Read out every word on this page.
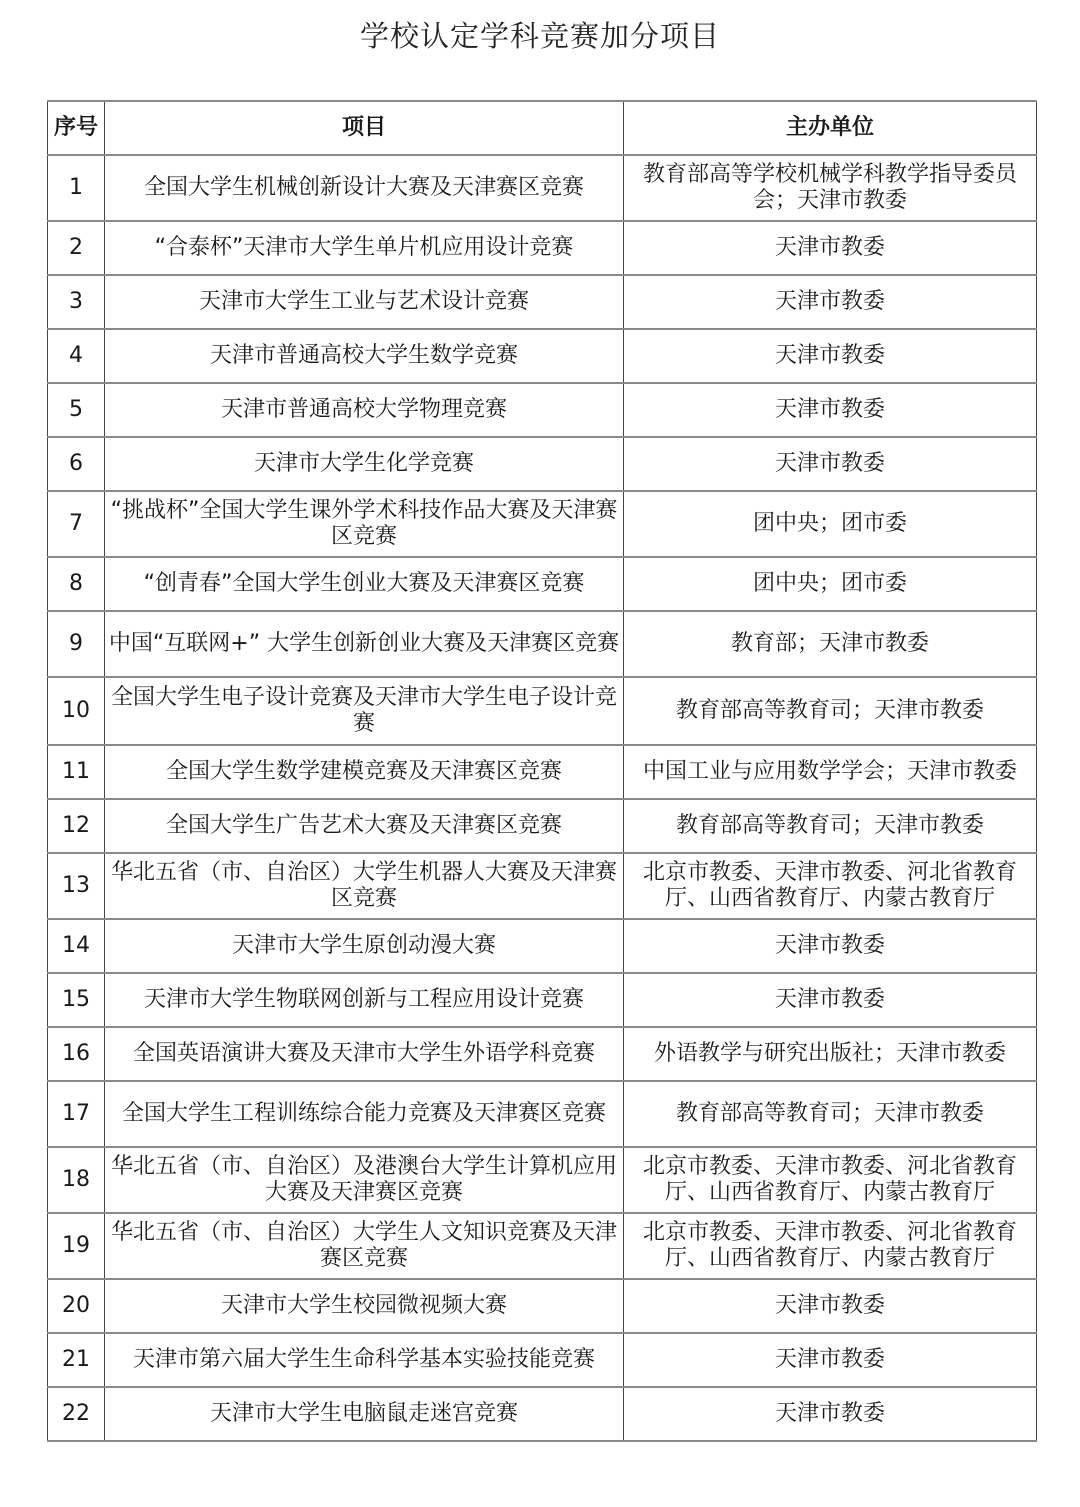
学校认定学科竞赛加分项目
序号	项目	主办单位
1	全国大学生机械创新设计大赛及天津赛区竞赛	教育部高等学校机械学科教学指导委员会；天津市教委
2	“合泰杯”天津市大学生单片机应用设计竞赛	天津市教委
3	天津市大学生工业与艺术设计竞赛	天津市教委
4	天津市普通高校大学生数学竞赛	天津市教委
5	天津市普通高校大学物理竞赛	天津市教委
6	天津市大学生化学竞赛	天津市教委
7	“挑战杯”全国大学生课外学术科技作品大赛及天津赛区竞赛	团中央；团市委
8	“创青春”全国大学生创业大赛及天津赛区竞赛	团中央；团市委
9	中国“互联网+” 大学生创新创业大赛及天津赛区竞赛	教育部；天津市教委
10	全国大学生电子设计竞赛及天津市大学生电子设计竞赛	教育部高等教育司；天津市教委
11	全国大学生数学建模竞赛及天津赛区竞赛	中国工业与应用数学学会；天津市教委
12	全国大学生广告艺术大赛及天津赛区竞赛	教育部高等教育司；天津市教委
13	华北五省（市、自治区）大学生机器人大赛及天津赛区竞赛	北京市教委、天津市教委、河北省教育厅、山西省教育厅、内蒙古教育厅
14	天津市大学生原创动漫大赛	天津市教委
15	天津市大学生物联网创新与工程应用设计竞赛	天津市教委
16	全国英语演讲大赛及天津市大学生外语学科竞赛	外语教学与研究出版社；天津市教委
17	全国大学生工程训练综合能力竞赛及天津赛区竞赛	教育部高等教育司；天津市教委
18	华北五省（市、自治区）及港澳台大学生计算机应用大赛及天津赛区竞赛	北京市教委、天津市教委、河北省教育厅、山西省教育厅、内蒙古教育厅
19	华北五省（市、自治区）大学生人文知识竞赛及天津赛区竞赛	北京市教委、天津市教委、河北省教育厅、山西省教育厅、内蒙古教育厅
20	天津市大学生校园微视频大赛	天津市教委
21	天津市第六届大学生生命科学基本实验技能竞赛	天津市教委
22	天津市大学生电脑鼠走迷宫竞赛	天津市教委
